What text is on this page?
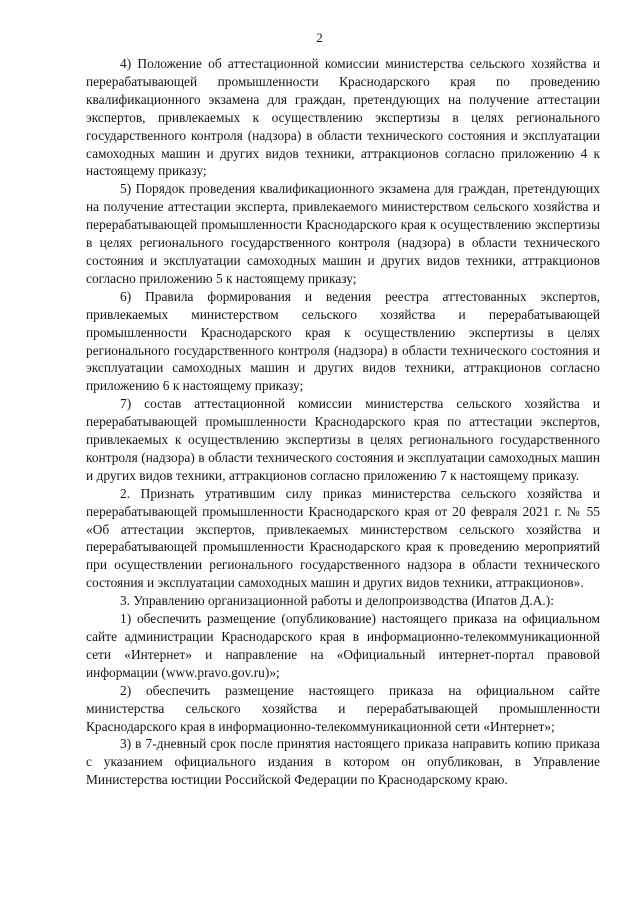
2

4) Положение об аттестационной комиссии министерства сельского хозяйства и перерабатывающей промышленности Краснодарского края по проведению квалификационного экзамена для граждан, претендующих на получение аттестации экспертов, привлекаемых к осуществлению экспертизы в целях регионального государственного контроля (надзора) в области технического состояния и эксплуатации самоходных машин и других видов техники, аттракционов согласно приложению 4 к настоящему приказу;

5) Порядок проведения квалификационного экзамена для граждан, претендующих на получение аттестации эксперта, привлекаемого министерством сельского хозяйства и перерабатывающей промышленности Краснодарского края к осуществлению экспертизы в целях регионального государственного контроля (надзора) в области технического состояния и эксплуатации самоходных машин и других видов техники, аттракционов согласно приложению 5 к настоящему приказу;

6) Правила формирования и ведения реестра аттестованных экспертов, привлекаемых министерством сельского хозяйства и перерабатывающей промышленности Краснодарского края к осуществлению экспертизы в целях регионального государственного контроля (надзора) в области технического состояния и эксплуатации самоходных машин и других видов техники, аттракционов согласно приложению 6 к настоящему приказу;

7) состав аттестационной комиссии министерства сельского хозяйства и перерабатывающей промышленности Краснодарского края по аттестации экспертов, привлекаемых к осуществлению экспертизы в целях регионального государственного контроля (надзора) в области технического состояния и эксплуатации самоходных машин и других видов техники, аттракционов согласно приложению 7 к настоящему приказу.

2. Признать утратившим силу приказ министерства сельского хозяйства и перерабатывающей промышленности Краснодарского края от 20 февраля 2021 г. № 55 «Об аттестации экспертов, привлекаемых министерством сельского хозяйства и перерабатывающей промышленности Краснодарского края к проведению мероприятий при осуществлении регионального государственного надзора в области технического состояния и эксплуатации самоходных машин и других видов техники, аттракционов».

3. Управлению организационной работы и делопроизводства (Ипатов Д.А.):

1) обеспечить размещение (опубликование) настоящего приказа на официальном сайте администрации Краснодарского края в информационно-телекоммуникационной сети «Интернет» и направление на «Официальный интернет-портал правовой информации (www.pravo.gov.ru)»;

2) обеспечить размещение настоящего приказа на официальном сайте министерства сельского хозяйства и перерабатывающей промышленности Краснодарского края в информационно-телекоммуникационной сети «Интернет»;

3) в 7-дневный срок после принятия настоящего приказа направить копию приказа с указанием официального издания в котором он опубликован, в Управление Министерства юстиции Российской Федерации по Краснодарскому краю.
